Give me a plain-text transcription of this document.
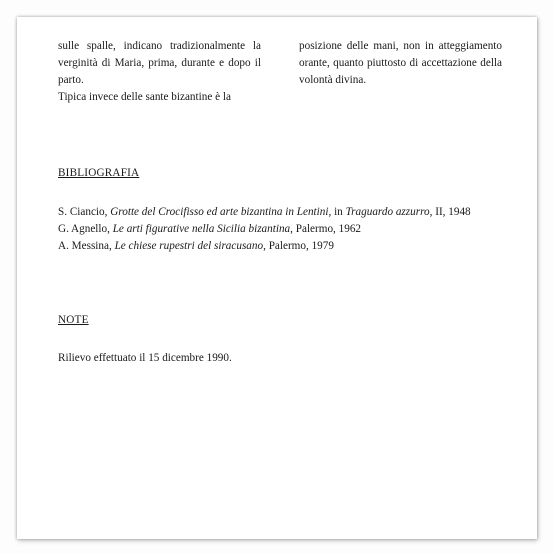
sulle spalle, indicano tradizionalmente la verginità di Maria, prima, durante e dopo il parto.

Tipica invece delle sante bizantine è la

posizione delle mani, non in atteggiamento orante, quanto piuttosto di accettazione della volontà divina.

BIBLIOGRAFIA
S. Ciancio, Grotte del Crocifisso ed arte bizantina in Lentini, in Traguardo azzurro, II, 1948
G. Agnello, Le arti figurative nella Sicilia bizantina, Palermo, 1962
A. Messina, Le chiese rupestri del siracusano, Palermo, 1979
NOTE
Rilievo effettuato il 15 dicembre 1990.
